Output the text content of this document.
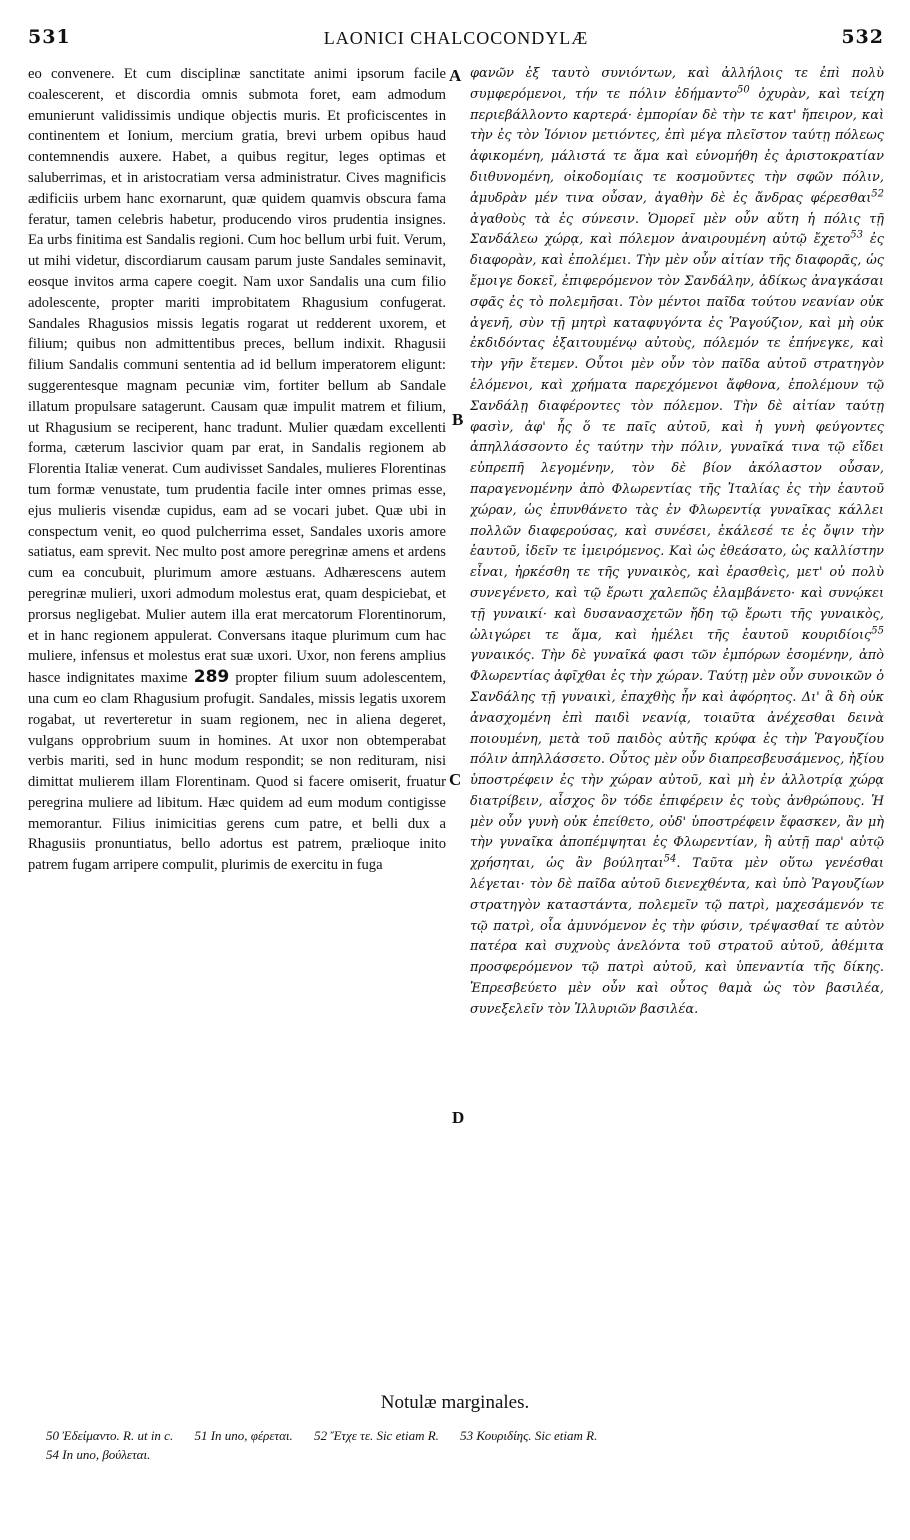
531	LAONICI CHALCOCONDYLÆ	532

eo convenere. Et cum disciplinæ sanctitate animi ipsorum facile coalescerent, et discordia omnis submota foret, eam admodum emunierunt validissimis undique objectis muris. Et proficiscentes in continentem et Ionium, mercium gratia, brevi urbem opibus haud contemnendis auxere. Habet, a quibus regitur, leges optimas et saluberrimas, et in aristocratiam versa administratur. Cives magnificis ædificiis urbem hanc exornarunt, quæ quidem quamvis obscura fama feratur, tamen celebris habetur, producendo viros prudentia insignes. Ea urbs finitima est Sandalis regioni. Cum hoc bellum urbi fuit. Verum, ut mihi videtur, discordiarum causam parum juste Sandales seminavit, eosque invitos arma capere coegit. Nam uxor Sandalis una cum filio adolescente, propter mariti improbitatem Rhagusium confugerat. Sandales Rhagusios missis legatis rogarat ut redderent uxorem, et filium; quibus non admittentibus preces, bellum indixit. Rhagusii filium Sandalis communi sententia ad id bellum imperatorem eligunt: suggerentesque magnam pecuniæ vim, fortiter bellum ab Sandale illatum propulsare satagerunt. Causam quæ impulit matrem et filium, ut Rhagusium se reciperent, hanc tradunt. Mulier quædam excellenti forma, cæterum lascivior quam par erat, in Sandalis regionem ab Florentia Italiæ venerat. Cum audivisset Sandales, mulieres Florentinas tum formæ venustate, tum prudentia facile inter omnes primas esse, ejus mulieris visendæ cupidus, eam ad se vocari jubet. Quæ ubi in conspectum venit, eo quod pulcherrima esset, Sandales uxoris amore satiatus, eam sprevit. Nec multo post amore peregrinæ amens et ardens cum ea concubuit, plurimum amore æstuans. Adhærescens autem peregrinæ mulieri, uxori admodum molestus erat, quam despiciebat, et prorsus negligebat. Mulier autem illa erat mercatorum Florentinorum, et in hanc regionem appulerat. Conversans itaque plurimum cum hac muliere, infensus et molestus erat suæ uxori. Uxor, non ferens amplius hasce indignitates maxime 289 propter filium suum adolescentem, una cum eo clam Rhagusium profugit. Sandales, missis legatis uxorem rogabat, ut reverteretur in suam regionem, nec in aliena degeret, vulgans opprobrium suum in homines. At uxor non obtemperabat verbis mariti, sed in hunc modum respondit; se non redituram, nisi dimittat mulierem illam Florentinam. Quod si facere omiserit, fruatur peregrina muliere ad libitum. Hæc quidem ad eum modum contigisse memorantur. Filius inimicitias gerens cum patre, et belli dux a Rhagusiis pronuntiatus, bello adortus est patrem, prælioque inito patrem fugam arripere compulit, plurimis de exercitu in fuga

A
B
C
D

φανῶν ἐξ ταυτὸ συνιόντων, καὶ ἀλλήλοις τε ἐπὶ πολὺ συμφερόμενοι, τήν τε πόλιν ἐδήμαντο$^{50}$ ὀχυρὰν, καὶ τείχη περιεβάλλοντο καρτερά· ἐμπορίαν δὲ τὴν τε κατ' ἤπειρον, καὶ τὴν ἐς τὸν Ἰόνιον μετιόντες, ἐπὶ μέγα πλεῖστον ταύτῃ πόλεως ἀφικομένη, μάλιστά τε ἅμα καὶ εὐνομήθη ἐς ἀριστοκρατίαν διιθυνομένη, οἰκοδομίαις τε κοσμοῦντες τὴν σφῶν πόλιν, ἀμυδρὰν μέν τινα οὖσαν, ἀγαθὴν δὲ ἐς ἄνδρας φέρεσθαι$^{52}$ ἀγαθοὺς τὰ ἐς σύνεσιν. Ὁμορεῖ μὲν οὖν αὕτη ἡ πόλις τῇ Σανδάλεω χώρᾳ, καὶ πόλεμον ἀναιρουμένη αὐτῷ ἔχετο$^{53}$ ἐς διαφορὰν, καὶ ἐπολέμει. Τὴν μὲν οὖν αἰτίαν τῆς διαφορᾶς, ὡς ἔμοιγε δοκεῖ, ἐπιφερόμενον τὸν Σανδάλην, ἀδίκως ἀναγκάσαι σφᾶς ἐς τὸ πολεμῆσαι. Τὸν μέντοι παῖδα τούτου νεανίαν οὐκ ἀγενῆ, σὺν τῇ μητρὶ καταφυγόντα ἐς Ῥαγούζιον, καὶ μὴ οὐκ ἐκδιδόντας ἐξαιτουμένῳ αὐτοὺς, πόλεμόν τε ἐπήνεγκε, καὶ τὴν γῆν ἔτεμεν. Οὗτοι μὲν οὖν τὸν παῖδα αὐτοῦ στρατηγὸν ἑλόμενοι, καὶ χρήματα παρεχόμενοι ἄφθονα, ἐπολέμουν τῷ Σανδάλῃ διαφέροντες τὸν πόλεμον. Τὴν δὲ αἰτίαν ταύτῃ φασὶν, ἀφ' ἧς ὅ τε παῖς αὐτοῦ, καὶ ἡ γυνὴ φεύγοντες ἀπηλλάσσοντο ἐς ταύτην τὴν πόλιν, γυναῖκά τινα τῷ εἴδει εὐπρεπῆ λεγομένην, τὸν δὲ βίον ἀκόλαστον οὖσαν, παραγενομένην ἀπὸ Φλωρεντίας τῆς Ἰταλίας ἐς τὴν ἑαυτοῦ χώραν, ὡς ἐπυνθάνετο τὰς ἐν Φλωρεντίᾳ γυναῖκας κάλλει πολλῶν διαφερούσας, καὶ συνέσει, ἐκάλεσέ τε ἐς ὄψιν τὴν ἑαυτοῦ, ἰδεῖν τε ἱμειρόμενος. Καὶ ὡς ἐθεάσατο, ὡς καλλίστην εἶναι, ἠρκέσθη τε τῆς γυναικὸς, καὶ ἐρασθεὶς, μετ' οὐ πολὺ συνεγένετο, καὶ τῷ ἔρωτι χαλεπῶς ἐλαμβάνετο· καὶ συνῴκει τῇ γυναικί· καὶ δυσανασχετῶν ἤδη τῷ ἔρωτι τῆς γυναικὸς, ὠλιγώρει τε ἅμα, καὶ ἠμέλει τῆς ἑαυτοῦ κουριδίοις$^{55}$ γυναικός. Τὴν δὲ γυναῖκά φασι τῶν ἐμπόρων ἐσομένην, ἀπὸ Φλωρεντίας ἀφῖχθαι ἐς τὴν χώραν. Ταύτῃ μὲν οὖν συνοικῶν ὁ Σανδάλης τῇ γυναικὶ, ἐπαχθὴς ἦν καὶ ἀφόρητος. Δι' ἃ δὴ οὐκ ἀνασχομένη ἐπὶ παιδὶ νεανίᾳ, τοιαῦτα ἀνέχεσθαι δεινὰ ποιουμένη, μετὰ τοῦ παιδὸς αὐτῆς κρύφα ἐς τὴν Ῥαγουζίου πόλιν ἀπηλλάσσετο. Οὗτος μὲν οὖν διαπρεσβευσάμενος, ἠξίου ὑποστρέφειν ἐς τὴν χώραν αὐτοῦ, καὶ μὴ ἐν ἀλλοτρίᾳ χώρᾳ διατρίβειν, αἶσχος ὃν τόδε ἐπιφέρειν ἐς τοὺς ἀνθρώπους. Ἡ μὲν οὖν γυνὴ οὐκ ἐπείθετο, οὐδ' ὑποστρέφειν ἔφασκεν, ἂν μὴ τὴν γυναῖκα ἀποπέμψηται ἐς Φλωρεντίαν, ἢ αὐτῇ παρ' αὐτῷ χρήσηται, ὡς ἂν βούληται$^{54}$. Ταῦτα μὲν οὕτω γενέσθαι λέγεται· τὸν δὲ παῖδα αὐτοῦ διενεχθέντα, καὶ ὑπὸ Ῥαγουζίων στρατηγὸν καταστάντα, πολεμεῖν τῷ πατρὶ, μαχεσάμενόν τε τῷ πατρὶ, οἷα ἀμυνόμενον ἐς τὴν φύσιν, τρέψασθαί τε αὐτὸν πατέρα καὶ συχνοὺς ἀνελόντα τοῦ στρατοῦ αὐτοῦ, ἀθέμιτα προσφερόμενον τῷ πατρὶ αὐτοῦ, καὶ ὑπεναντία τῆς δίκης. Ἐπρεσβεύετο μὲν οὖν καὶ οὗτος θαμὰ ὡς τὸν βασιλέα, συνεξελεῖν τὸν Ἰλλυριῶν βασιλέα.

Notulæ marginales.
50 Ἐδείμαντο. R. ut in c. 51 In uno, φέρεται. 52 Ἔτχε τε. Sic etiam R. 53 Κουριδίης. Sic etiam R.
54 In uno, βούλεται.
